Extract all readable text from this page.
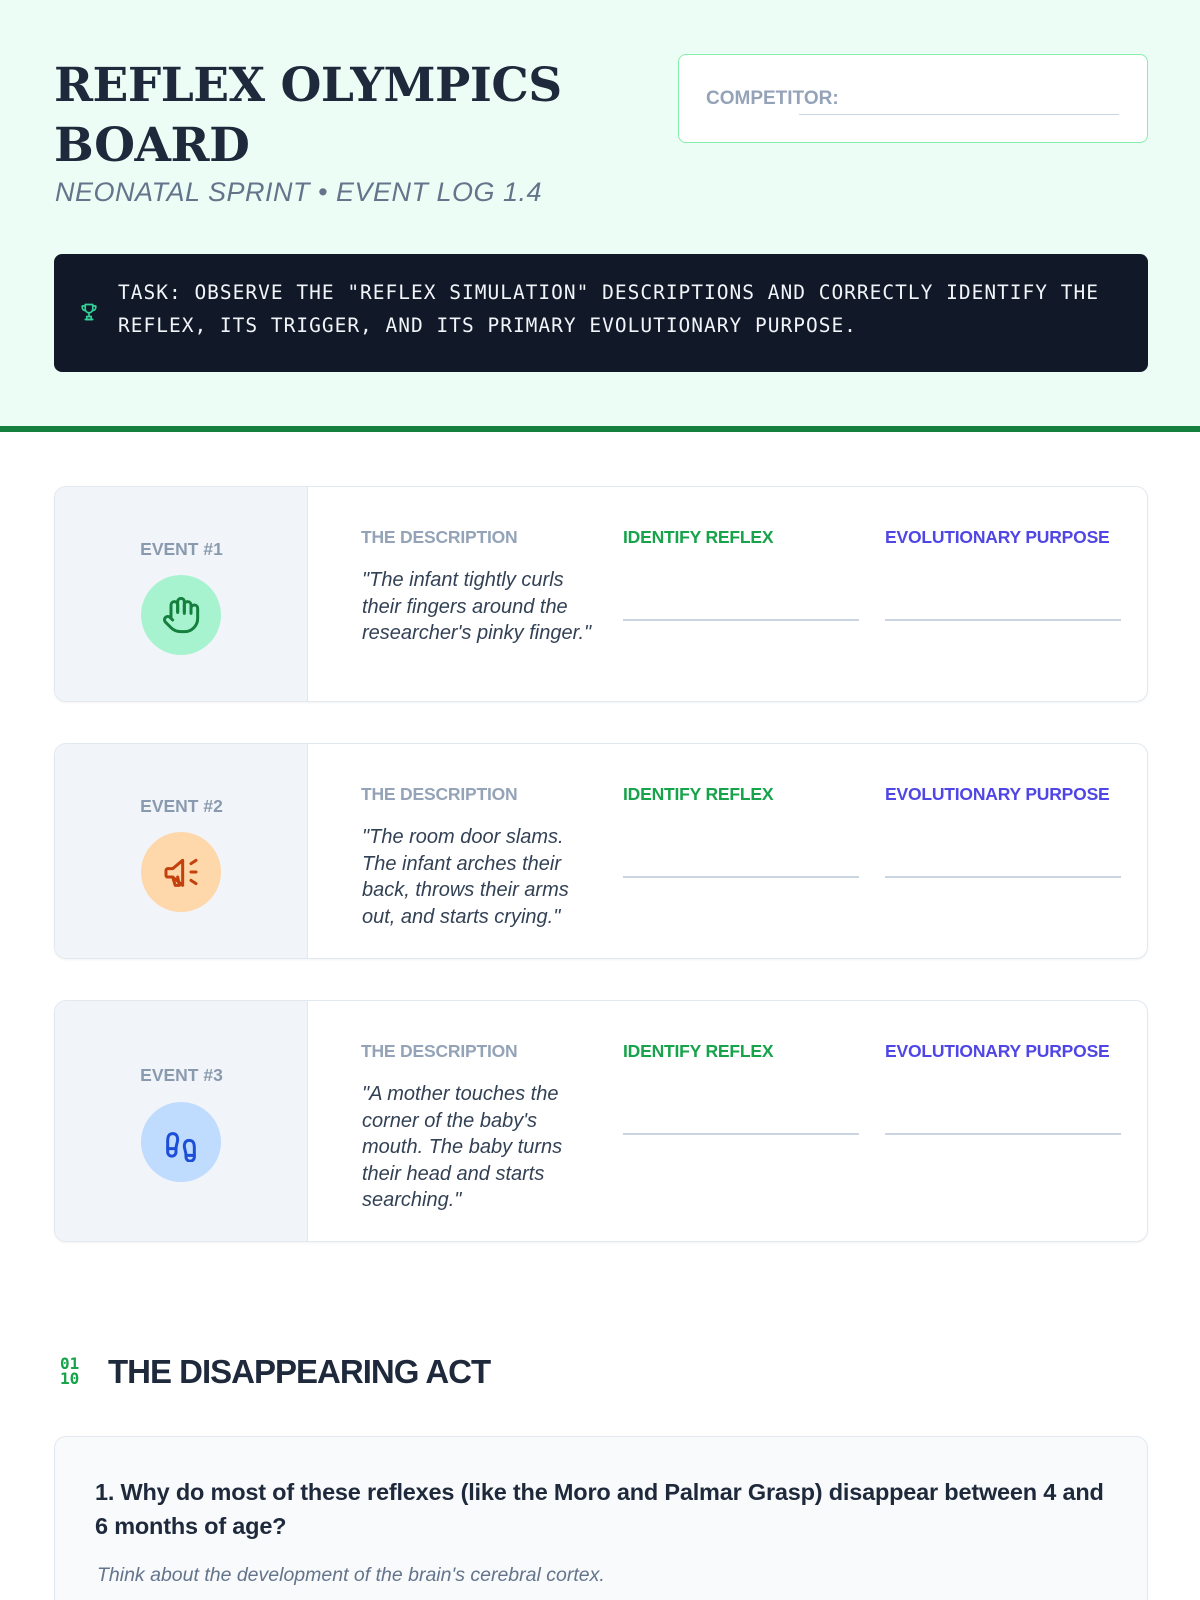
REFLEX OLYMPICS BOARD
NEONATAL SPRINT • EVENT LOG 1.4
COMPETITOR:
TASK: OBSERVE THE "REFLEX SIMULATION" DESCRIPTIONS AND CORRECTLY IDENTIFY THE REFLEX, ITS TRIGGER, AND ITS PRIMARY EVOLUTIONARY PURPOSE.
EVENT #1
THE DESCRIPTION	IDENTIFY REFLEX	EVOLUTIONARY PURPOSE
"The infant tightly curls their fingers around the researcher's pinky finger."
EVENT #2
THE DESCRIPTION	IDENTIFY REFLEX	EVOLUTIONARY PURPOSE
"The room door slams. The infant arches their back, throws their arms out, and starts crying."
EVENT #3
THE DESCRIPTION	IDENTIFY REFLEX	EVOLUTIONARY PURPOSE
"A mother touches the corner of the baby's mouth. The baby turns their head and starts searching."
01
10 THE DISAPPEARING ACT
1. Why do most of these reflexes (like the Moro and Palmar Grasp) disappear between 4 and 6 months of age?
Think about the development of the brain's cerebral cortex.
